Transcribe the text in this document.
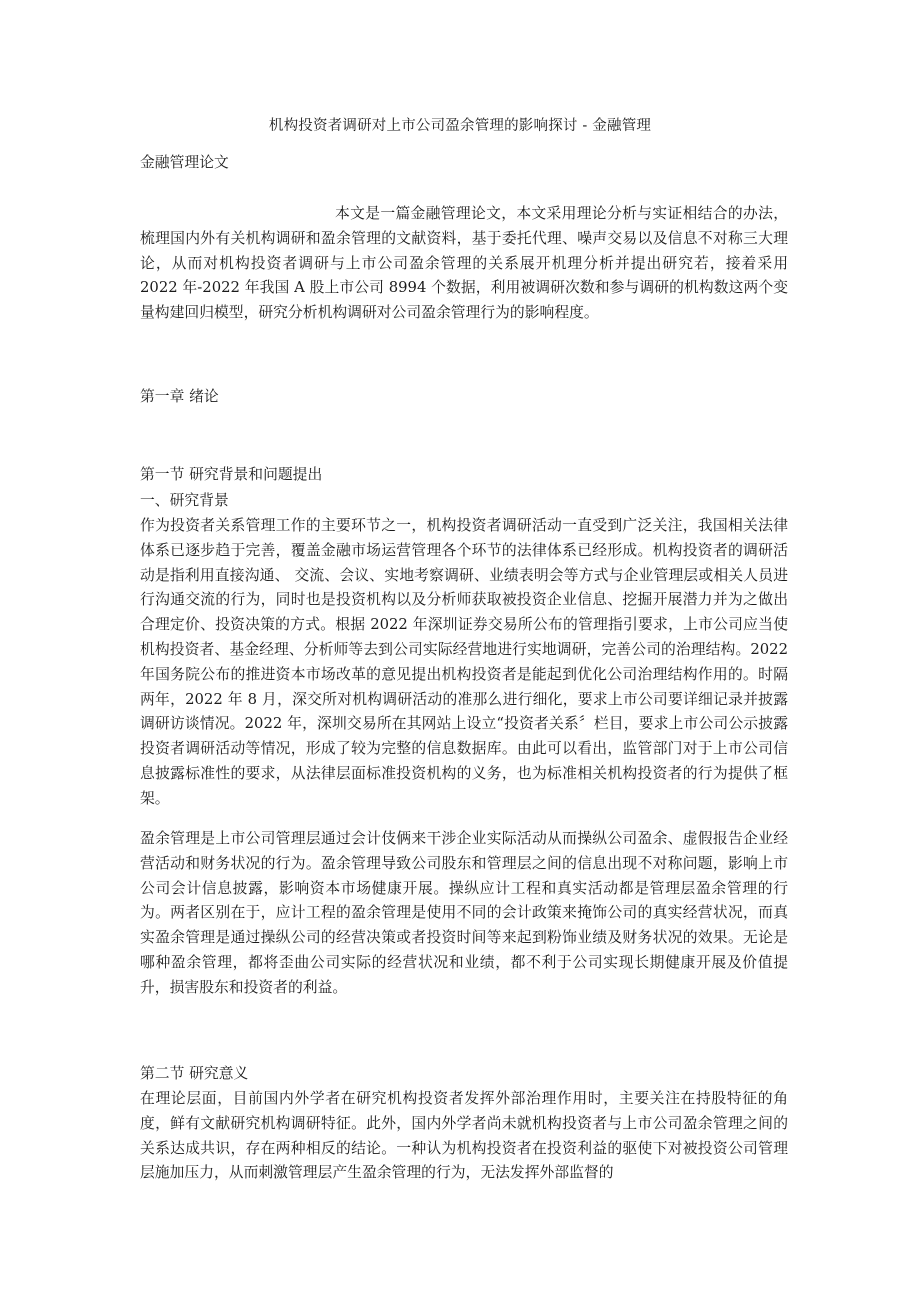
机构投资者调研对上市公司盈余管理的影响探讨 - 金融管理

金融管理论文

本文是一篇金融管理论文，本文采用理论分析与实证相结合的办法，梳理国内外有关机构调研和盈余管理的文献资料，基于委托代理、噪声交易以及信息不对称三大理论，从而对机构投资者调研与上市公司盈余管理的关系展开机理分析并提出研究若，接着采用 2022 年-2022 年我国 A 股上市公司 8994 个数据，利用被调研次数和参与调研的机构数这两个变量构建回归模型，研究分析机构调研对公司盈余管理行为的影响程度。

第一章 绪论

第一节 研究背景和问题提出

一、研究背景

作为投资者关系管理工作的主要环节之一，机构投资者调研活动一直受到广泛关注，我国相关法律体系已逐步趋于完善，覆盖金融市场运营管理各个环节的法律体系已经形成。机构投资者的调研活动是指利用直接沟通、 交流、会议、实地考察调研、业绩表明会等方式与企业管理层或相关人员进行沟通交流的行为，同时也是投资机构以及分析师获取被投资企业信息、挖掘开展潜力并为之做出合理定价、投资决策的方式。根据 2022 年深圳证券交易所公布的管理指引要求，上市公司应当使机构投资者、基金经理、分析师等去到公司实际经营地进行实地调研，完善公司的治理结构。2022 年国务院公布的推进资本市场改革的意见提出机构投资者是能起到优化公司治理结构作用的。时隔两年，2022 年 8 月，深交所对机构调研活动的准那么进行细化，要求上市公司要详细记录并披露调研访谈情况。2022 年，深圳交易所在其网站上设立“投资者关系〞栏目，要求上市公司公示披露投资者调研活动等情况，形成了较为完整的信息数据库。由此可以看出，监管部门对于上市公司信息披露标准性的要求，从法律层面标准投资机构的义务，也为标准相关机构投资者的行为提供了框架。

盈余管理是上市公司管理层通过会计伎俩来干涉企业实际活动从而操纵公司盈余、虚假报告企业经营活动和财务状况的行为。盈余管理导致公司股东和管理层之间的信息出现不对称问题，影响上市公司会计信息披露，影响资本市场健康开展。操纵应计工程和真实活动都是管理层盈余管理的行为。两者区别在于，应计工程的盈余管理是使用不同的会计政策来掩饰公司的真实经营状况，而真实盈余管理是通过操纵公司的经营决策或者投资时间等来起到粉饰业绩及财务状况的效果。无论是哪种盈余管理，都将歪曲公司实际的经营状况和业绩，都不利于公司实现长期健康开展及价值提升，损害股东和投资者的利益。

第二节 研究意义

在理论层面，目前国内外学者在研究机构投资者发挥外部治理作用时，主要关注在持股特征的角度，鲜有文献研究机构调研特征。此外，国内外学者尚未就机构投资者与上市公司盈余管理之间的关系达成共识，存在两种相反的结论。一种认为机构投资者在投资利益的驱使下对被投资公司管理层施加压力，从而刺激管理层产生盈余管理的行为，无法发挥外部监督的
